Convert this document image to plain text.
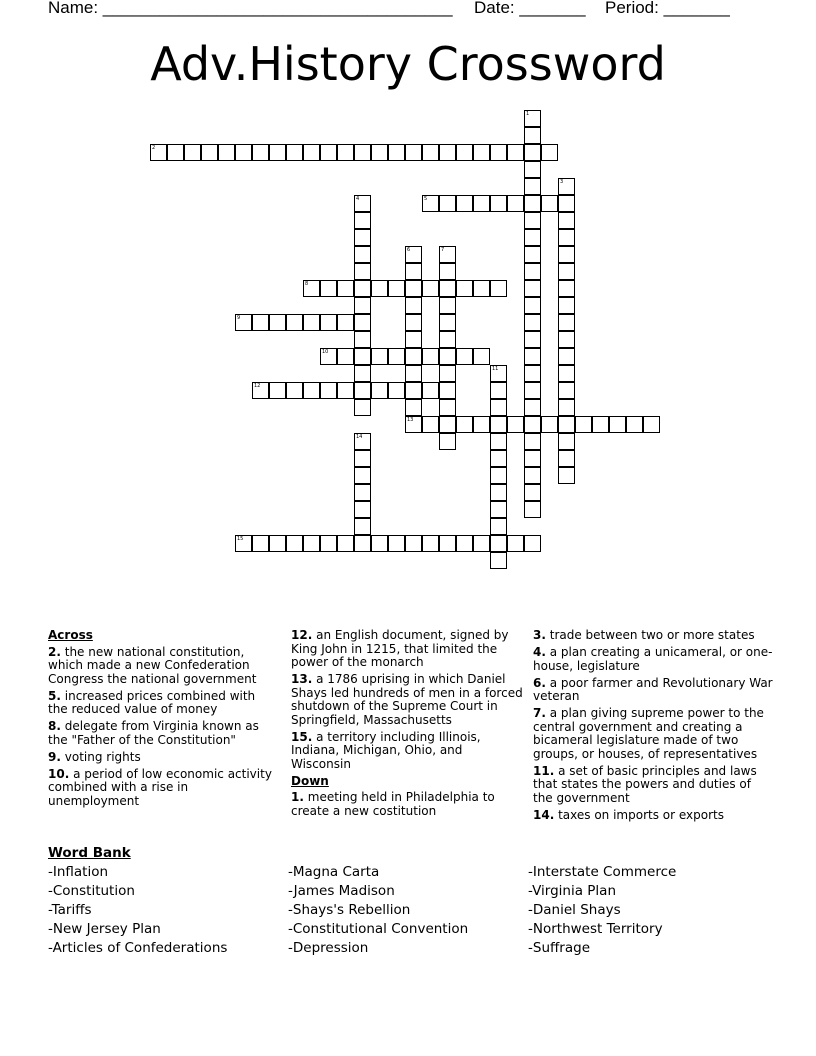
Name: _____________________________________ Date: _______ Period: _______
Adv.History Crossword
1
2
3
4	5
6	7
8
9
10
11
12
13
14
15
Across
2. the new national constitution, which made a new Confederation Congress the national government
5. increased prices combined with the reduced value of money
8. delegate from Virginia known as the "Father of the Constitution"
9. voting rights
10. a period of low economic activity combined with a rise in unemployment
12. an English document, signed by King John in 1215, that limited the power of the monarch
13. a 1786 uprising in which Daniel Shays led hundreds of men in a forced shutdown of the Supreme Court in Springfield, Massachusetts
15. a territory including Illinois, Indiana, Michigan, Ohio, and Wisconsin
Down
1. meeting held in Philadelphia to create a new costitution
3. trade between two or more states
4. a plan creating a unicameral, or one-house, legislature
6. a poor farmer and Revolutionary War veteran
7. a plan giving supreme power to the central government and creating a bicameral legislature made of two groups, or houses, of representatives
11. a set of basic principles and laws that states the powers and duties of the government
14. taxes on imports or exports
Word Bank
-Inflation
-Constitution
-Tariffs
-New Jersey Plan
-Articles of Confederations
-Magna Carta
-James Madison
-Shays's Rebellion
-Constitutional Convention
-Depression
-Interstate Commerce
-Virginia Plan
-Daniel Shays
-Northwest Territory
-Suffrage
